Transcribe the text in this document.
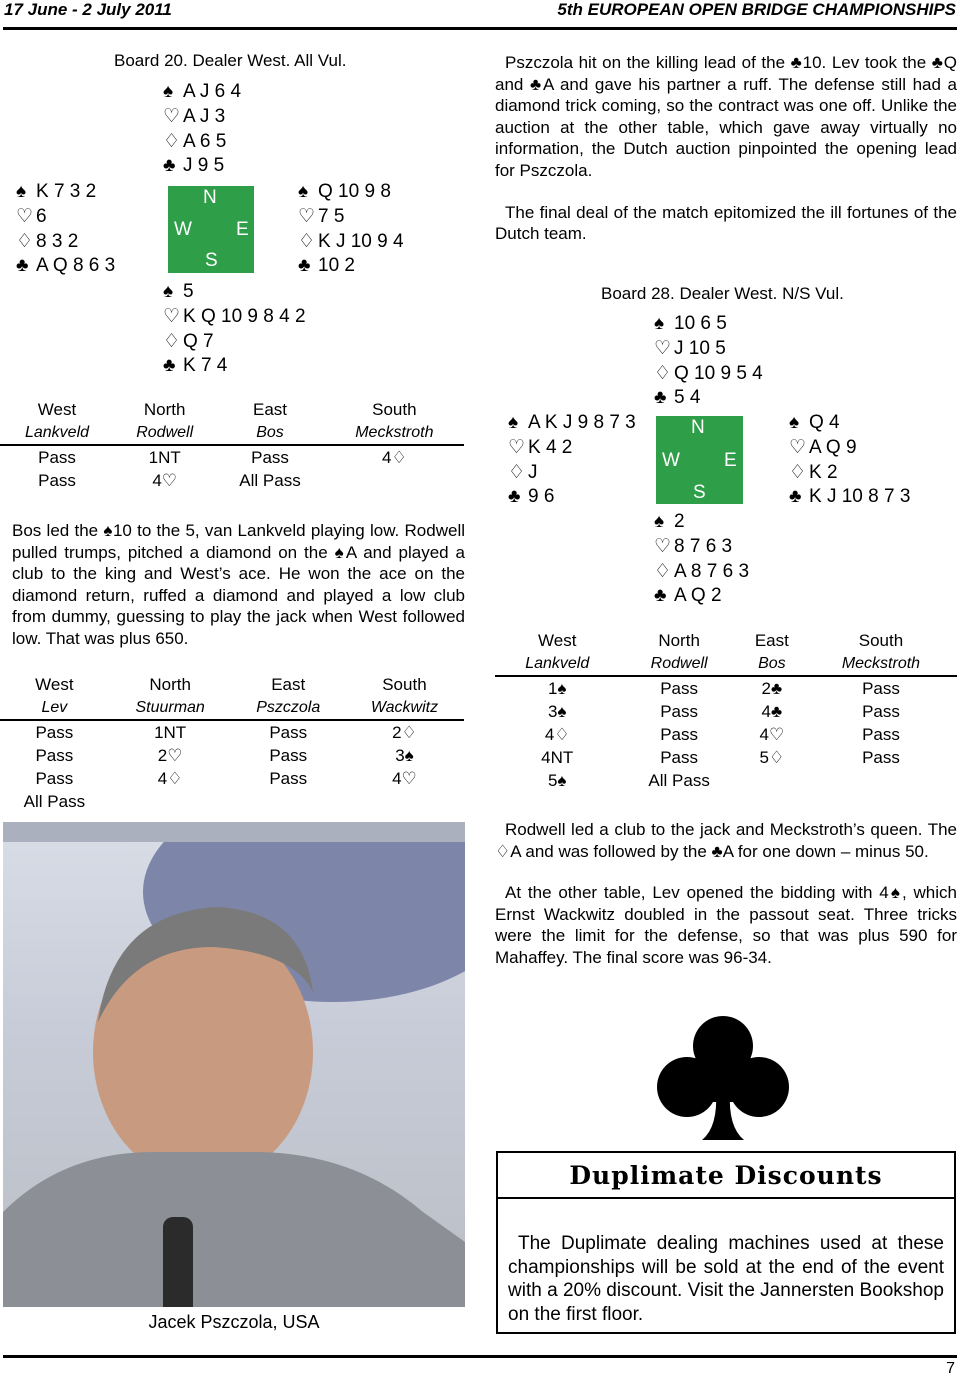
17 June - 2 July 2011	5th EUROPEAN OPEN BRIDGE CHAMPIONSHIPS
Board 20. Dealer West. All Vul.
♠ A J 6 4
♡ A J 3
♢ A 6 5
♣ J 9 5
♠ K 7 3 2
♡ 6
♢ 8 3 2
♣ A Q 8 6 3
N
W E
S
♠ Q 10 9 8
♡ 7 5
♢ K J 10 9 4
♣ 10 2
♠ 5
♡ K Q 10 9 8 4 2
♢ Q 7
♣ K 7 4
West	North	East	South
Lankveld	Rodwell	Bos	Meckstroth
Pass	1NT	Pass	4♢
Pass	4♡	All Pass	

Bos led the ♠10 to the 5, van Lankveld playing low. Rodwell pulled trumps, pitched a diamond on the ♠A and played a club to the king and West’s ace. He won the ace on the diamond return, ruffed a diamond and played a low club from dummy, guessing to play the jack when West followed low. That was plus 650.

West	North	East	South
Lev	Stuurman	Pszczola	Wackwitz
Pass	1NT	Pass	2♢
Pass	2♡	Pass	3♠
Pass	4♢	Pass	4♡
All Pass			
Jacek Pszczola, USA

Pszczola hit on the killing lead of the ♣10. Lev took the ♣Q and ♣A and gave his partner a ruff. The defense still had a diamond trick coming, so the contract was one off. Unlike the auction at the other table, which gave away virtually no information, the Dutch auction pinpointed the opening lead for Pszczola.

The final deal of the match epitomized the ill fortunes of the Dutch team.

Board 28. Dealer West. N/S Vul.
♠ 10 6 5
♡ J 10 5
♢ Q 10 9 5 4
♣ 5 4
♠ A K J 9 8 7 3
♡ K 4 2
♢ J
♣ 9 6
N
W E
S
♠ Q 4
♡ A Q 9
♢ K 2
♣ K J 10 8 7 3
♠ 2
♡ 8 7 6 3
♢ A 8 7 6 3
♣ A Q 2
West	North	East	South
Lankveld	Rodwell	Bos	Meckstroth
1♠	Pass	2♣	Pass
3♠	Pass	4♣	Pass
4♢	Pass	4♡	Pass
4NT	Pass	5♢	Pass
5♠	All Pass		

Rodwell led a club to the jack and Meckstroth’s queen. The ♢A and was followed by the ♣A for one down – minus 50.

At the other table, Lev opened the bidding with 4♠, which Ernst Wackwitz doubled in the passout seat. Three tricks were the limit for the defense, so that was plus 590 for Mahaffey. The final score was 96-34.

Duplimate Discounts
The Duplimate dealing machines used at these championships will be sold at the end of the event with a 20% discount. Visit the Jannersten Bookshop on the first floor.
7
